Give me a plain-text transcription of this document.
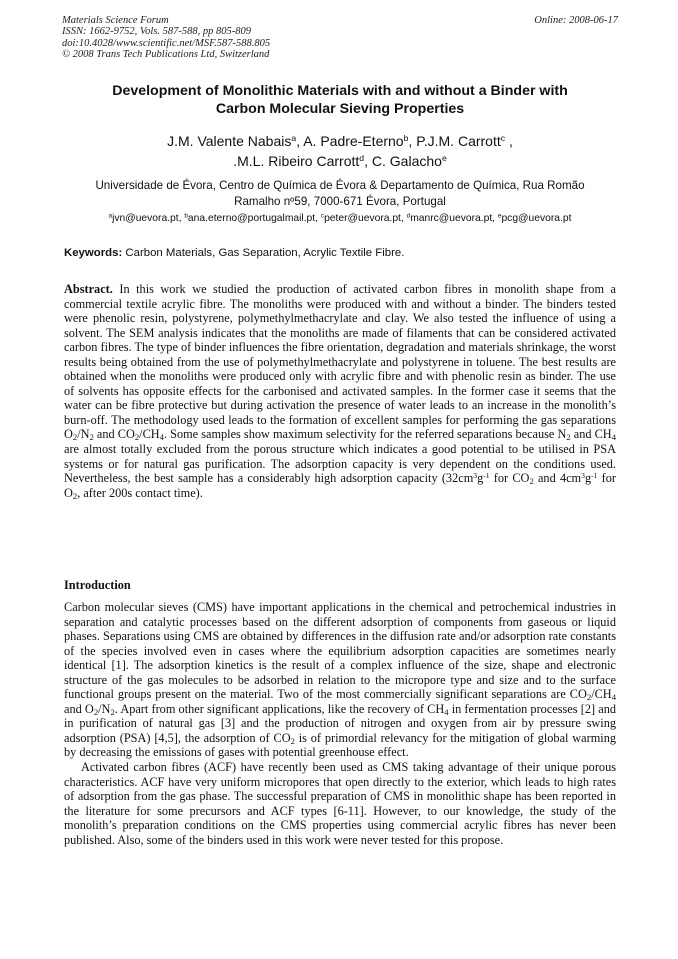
Materials Science Forum
ISSN: 1662-9752, Vols. 587-588, pp 805-809
doi:10.4028/www.scientific.net/MSF.587-588.805
© 2008 Trans Tech Publications Ltd, Switzerland
Online: 2008-06-17
Development of Monolithic Materials with and without a Binder with
Carbon Molecular Sieving Properties
J.M. Valente Nabais$^a$, A. Padre-Eterno$^b$, P.J.M. Carrott$^c$ ,
.M.L. Ribeiro Carrott$^d$, C. Galacho$^e$
Universidade de Évora, Centro de Química de Évora & Departamento de Química, Rua Romão
Ramalho nº59, 7000-671 Évora, Portugal
$^a$jvn@uevora.pt, $^b$ana.eterno@portugalmail.pt, $^c$peter@uevora.pt, $^d$manrc@uevora.pt, $^e$pcg@uevora.pt
Keywords: Carbon Materials, Gas Separation, Acrylic Textile Fibre.
Abstract. In this work we studied the production of activated carbon fibres in monolith shape from a commercial textile acrylic fibre. The monoliths were produced with and without a binder. The binders tested were phenolic resin, polystyrene, polymethylmethacrylate and clay. We also tested the influence of using a solvent. The SEM analysis indicates that the monoliths are made of filaments that can be considered activated carbon fibres. The type of binder influences the fibre orientation, degradation and materials shrinkage, the worst results being obtained from the use of polymethylmethacrylate and polystyrene in toluene. The best results are obtained when the monoliths were produced only with acrylic fibre and with phenolic resin as binder. The use of solvents has opposite effects for the carbonised and activated samples. In the former case it seems that the water can be fibre protective but during activation the presence of water leads to an increase in the monolith’s burn-off. The methodology used leads to the formation of excellent samples for performing the gas separations $O_2/N_2$ and $CO_2/CH_4$. Some samples show maximum selectivity for the referred separations because $N_2$ and $CH_4$ are almost totally excluded from the porous structure which indicates a good potential to be utilised in PSA systems or for natural gas purification. The adsorption capacity is very dependent on the conditions used. Nevertheless, the best sample has a considerably high adsorption capacity ($32cm^3g^{-1}$ for $CO_2$ and $4cm^3g^{-1}$ for $O_2$, after 200s contact time).
Introduction

Carbon molecular sieves (CMS) have important applications in the chemical and petrochemical industries in separation and catalytic processes based on the different adsorption of components from gaseous or liquid phases. Separations using CMS are obtained by differences in the diffusion rate and/or adsorption rate constants of the species involved even in cases where the equilibrium adsorption capacities are sometimes nearly identical [1]. The adsorption kinetics is the result of a complex influence of the size, shape and electronic structure of the gas molecules to be adsorbed in relation to the micropore type and size and to the surface functional groups present on the material. Two of the most commercially significant separations are $CO_2/CH_4$ and $O_2/N_2$. Apart from other significant applications, like the recovery of $CH_4$ in fermentation processes [2] and in purification of natural gas [3] and the production of nitrogen and oxygen from air by pressure swing adsorption (PSA) [4,5], the adsorption of $CO_2$ is of primordial relevancy for the mitigation of global warming by decreasing the emissions of gases with potential greenhouse effect.

Activated carbon fibres (ACF) have recently been used as CMS taking advantage of their unique porous characteristics. ACF have very uniform micropores that open directly to the exterior, which leads to high rates of adsorption from the gas phase. The successful preparation of CMS in monolithic shape has been reported in the literature for some precursors and ACF types [6-11]. However, to our knowledge, the study of the monolith’s preparation conditions on the CMS properties using commercial acrylic fibres has never been published. Also, some of the binders used in this work were never tested for this propose.
